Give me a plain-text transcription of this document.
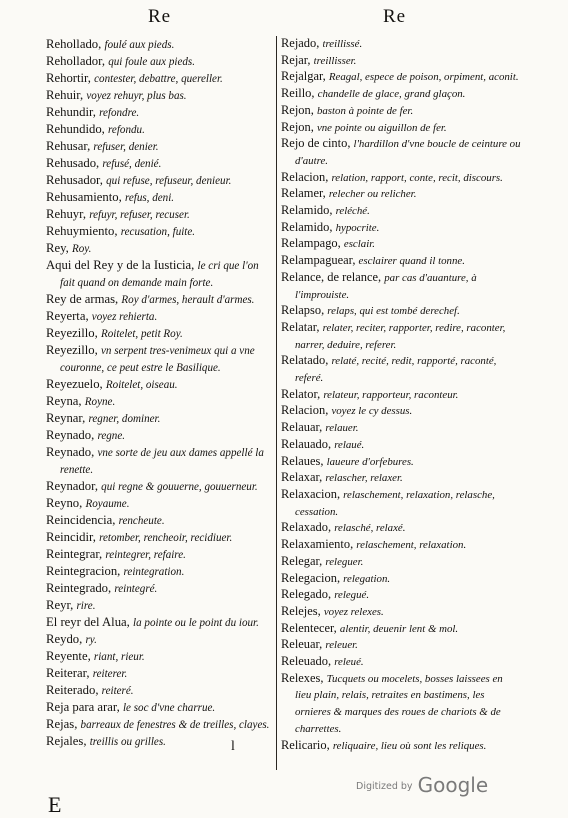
Re	Re
Rehollado, foulé aux pieds.
Rehollador, qui foule aux pieds.
Rehortir, contester, debattre, quereller.
Rehuir, voyez rehuyr, plus bas.
Rehundir, refondre.
Rehundido, refondu.
Rehusar, refuser, denier.
Rehusado, refusé, denié.
Rehusador, qui refuse, refuseur, denieur.
Rehusamiento, refus, deni.
Rehuyr, refuyr, refuser, recuser.
Rehuymiento, recusation, fuite.
Rey, Roy.
Aqui del Rey y de la Iusticia, le cri que l'on fait quand on demande main forte.
Rey de armas, Roy d'armes, herault d'armes.
Reyerta, voyez rehierta.
Reyezillo, Roitelet, petit Roy.
Reyezillo, vn serpent tres-venimeux qui a vne couronne, ce peut estre le Basilique.
Reyezuelo, Roitelet, oiseau.
Reyna, Royne.
Reynar, regner, dominer.
Reynado, regne.
Reynado, vne sorte de jeu aux dames appellé la renette.
Reynador, qui regne & gouuerne, gouuerneur.
Reyno, Royaume.
Reincidencia, rencheute.
Reincidir, retomber, rencheoir, recidiuer.
Reintegrar, reintegrer, refaire.
Reintegracion, reintegration.
Reintegrado, reintegré.
Reyr, rire.
El reyr del Alua, la pointe ou le point du iour.
Reydo, ry.
Reyente, riant, rieur.
Reiterar, reiterer.
Reiterado, reiteré.
Reja para arar, le soc d'vne charrue.
Rejas, barreaux de fenestres & de treilles, clayes.
Rejales, treillis ou grilles.
Rejado, treillissé.
Rejar, treillisser.
Rejalgar, Reagal, espece de poison, orpiment, aconit.
Reillo, chandelle de glace, grand glaçon.
Rejon, baston à pointe de fer.
Rejon, vne pointe ou aiguillon de fer.
Rejo de cinto, l'hardillon d'vne boucle de ceinture ou d'autre.
Relacion, relation, rapport, conte, recit, discours.
Relamer, relecher ou relicher.
Relamido, reléché.
Relamido, hypocrite.
Relampago, esclair.
Relampaguear, esclairer quand il tonne.
Relance, de relance, par cas d'auanture, à l'improuiste.
Relapso, relaps, qui est tombé derechef.
Relatar, relater, reciter, rapporter, redire, raconter, narrer, deduire, referer.
Relatado, relaté, recité, redit, rapporté, raconté, referé.
Relator, relateur, rapporteur, raconteur.
Relacion, voyez le cy dessus.
Relauar, relauer.
Relauado, relaué.
Relaues, laueure d'orfebures.
Relaxar, relascher, relaxer.
Relaxacion, relaschement, relaxation, relasche, cessation.
Relaxado, relasché, relaxé.
Relaxamiento, relaschement, relaxation.
Relegar, releguer.
Relegacion, relegation.
Relegado, relegué.
Relejes, voyez relexes.
Relentecer, alentir, deuenir lent & mol.
Releuar, releuer.
Releuado, releué.
Relexes, Tucquets ou mocelets, bosses laissees en lieu plain, relais, retraites en bastimens, les ornieres & marques des roues de chariots & de charrettes.
Relicario, reliquaire, lieu où sont les reliques.
l
E
Digitized by Google
